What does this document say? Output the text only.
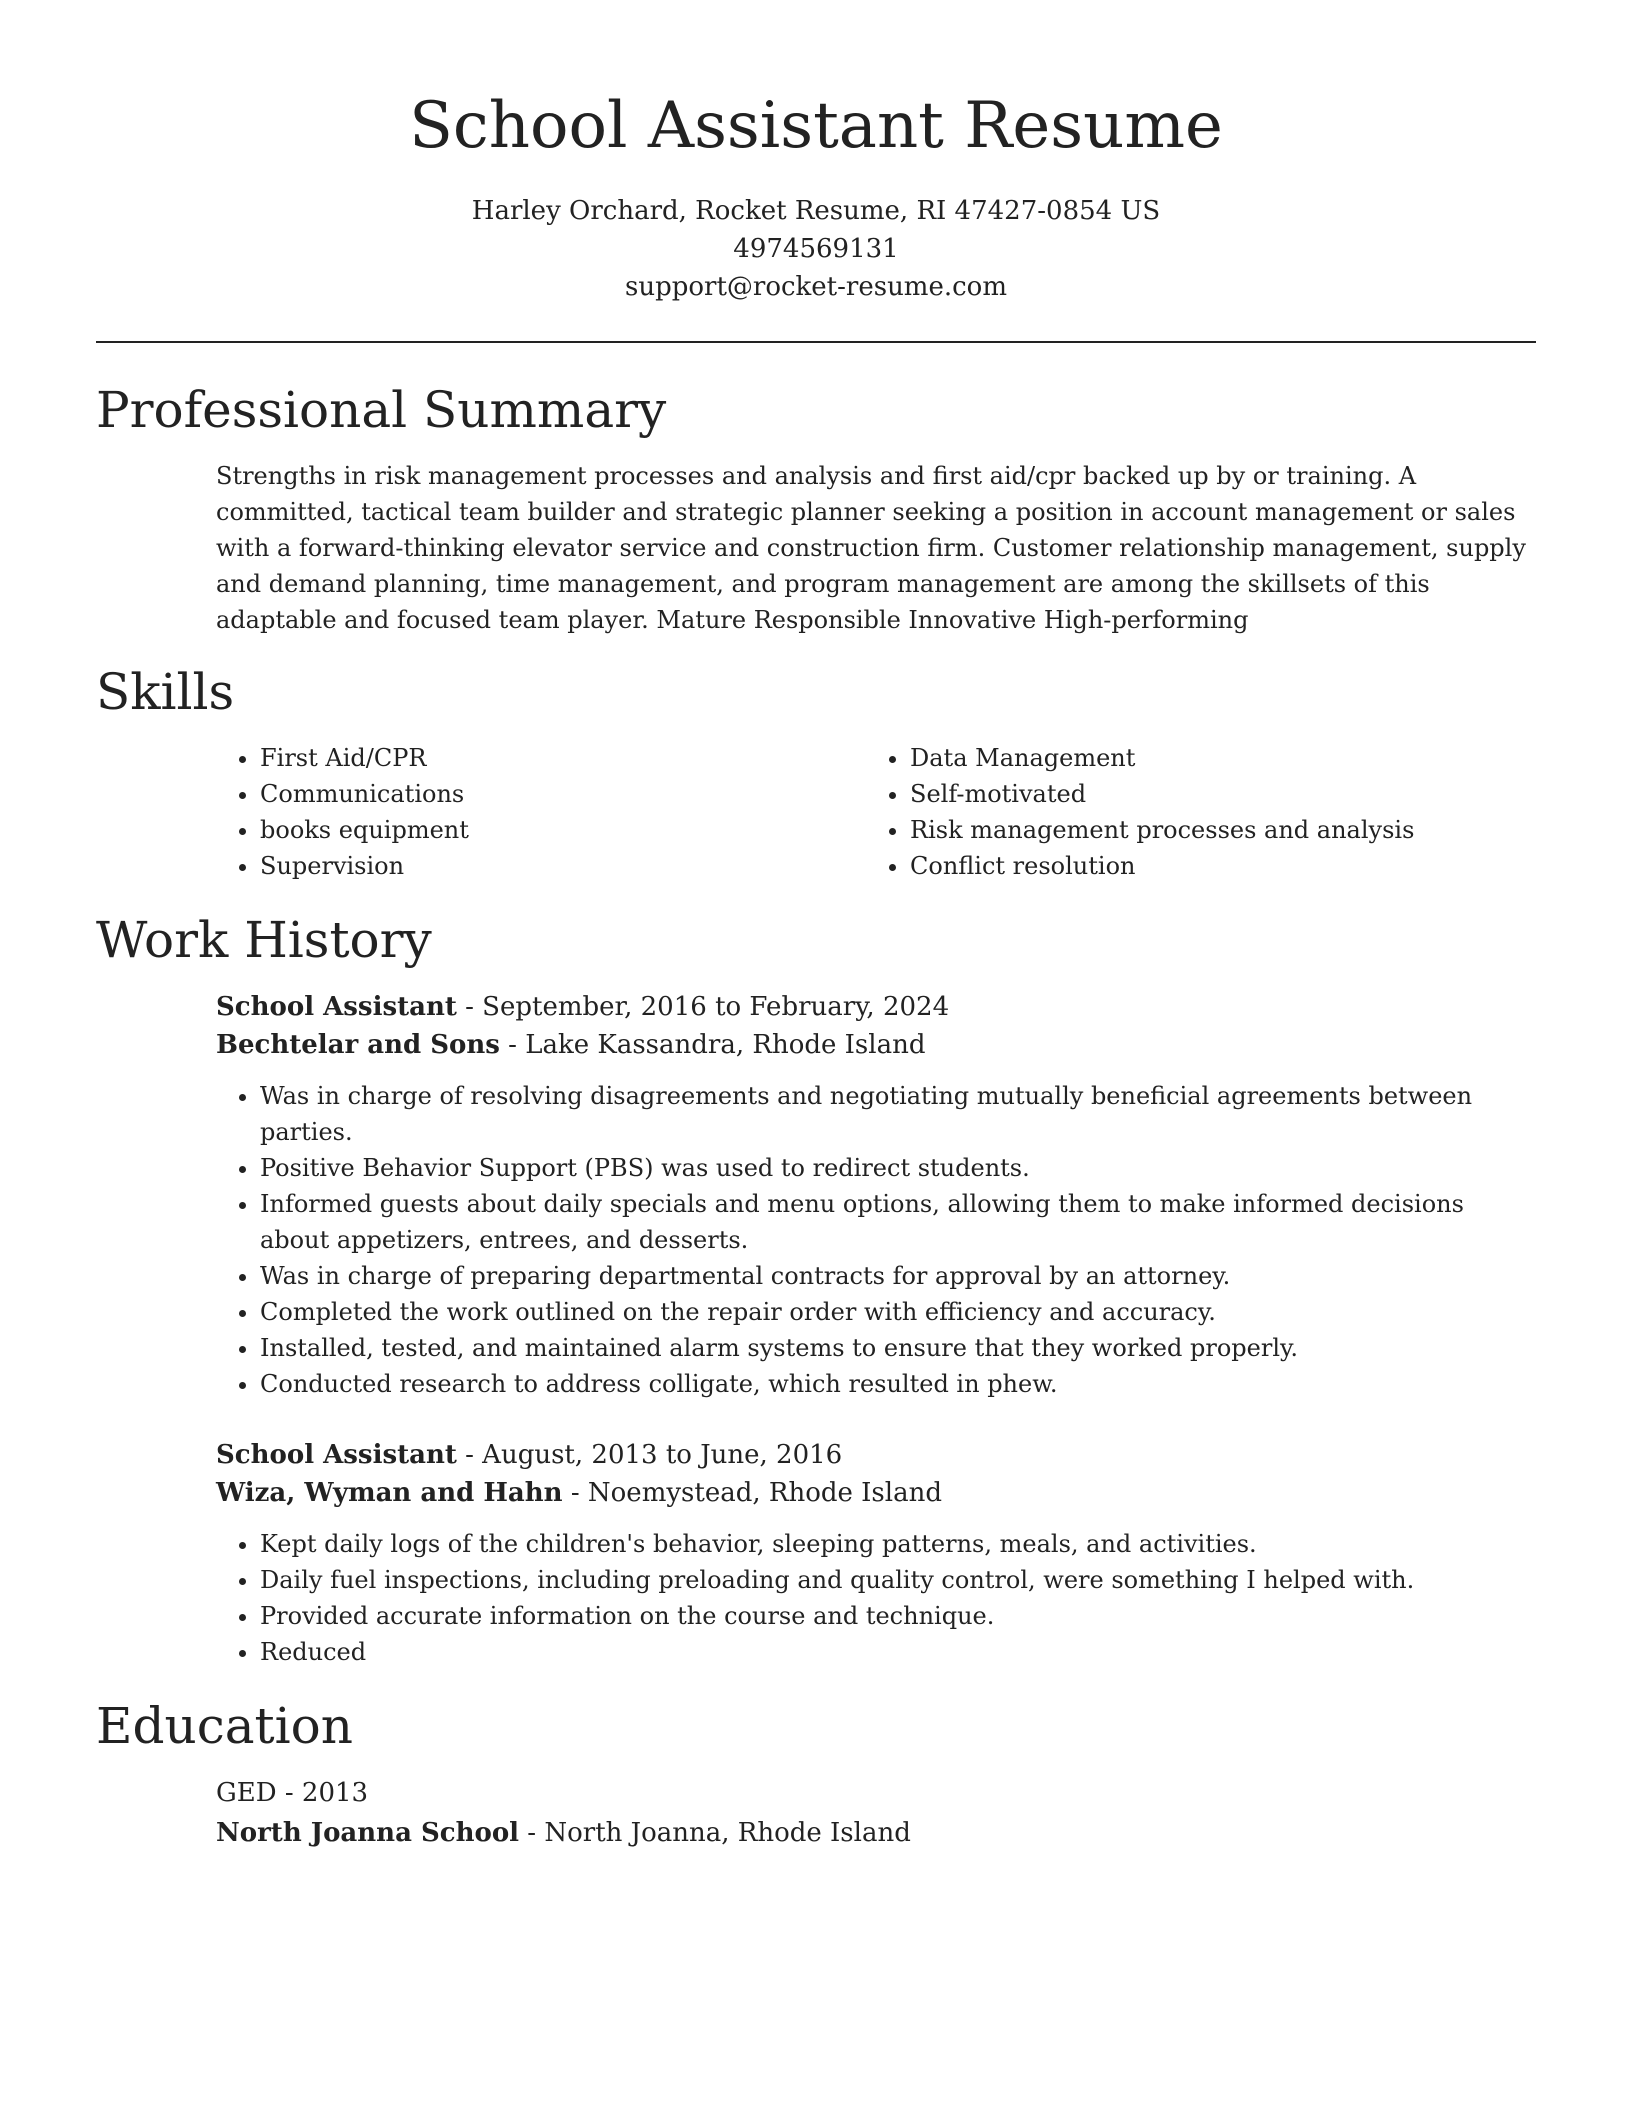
School Assistant Resume
Harley Orchard, Rocket Resume, RI 47427-0854 US
4974569131
support@rocket-resume.com
Professional Summary

Strengths in risk management processes and analysis and first aid/cpr backed up by or training. A committed, tactical team builder and strategic planner seeking a position in account management or sales with a forward-thinking elevator service and construction firm. Customer relationship management, supply and demand planning, time management, and program management are among the skillsets of this adaptable and focused team player. Mature Responsible Innovative High-performing

Skills
• First Aid/CPR
• Communications
• books equipment
• Supervision
• Data Management
• Self-motivated
• Risk management processes and analysis
• Conflict resolution
Work History
School Assistant - September, 2016 to February, 2024
Bechtelar and Sons - Lake Kassandra, Rhode Island
• Was in charge of resolving disagreements and negotiating mutually beneficial agreements between parties.
• Positive Behavior Support (PBS) was used to redirect students.
• Informed guests about daily specials and menu options, allowing them to make informed decisions about appetizers, entrees, and desserts.
• Was in charge of preparing departmental contracts for approval by an attorney.
• Completed the work outlined on the repair order with efficiency and accuracy.
• Installed, tested, and maintained alarm systems to ensure that they worked properly.
• Conducted research to address colligate, which resulted in phew.
School Assistant - August, 2013 to June, 2016
Wiza, Wyman and Hahn - Noemystead, Rhode Island
• Kept daily logs of the children's behavior, sleeping patterns, meals, and activities.
• Daily fuel inspections, including preloading and quality control, were something I helped with.
• Provided accurate information on the course and technique.
• Reduced
Education
GED - 2013
North Joanna School - North Joanna, Rhode Island
